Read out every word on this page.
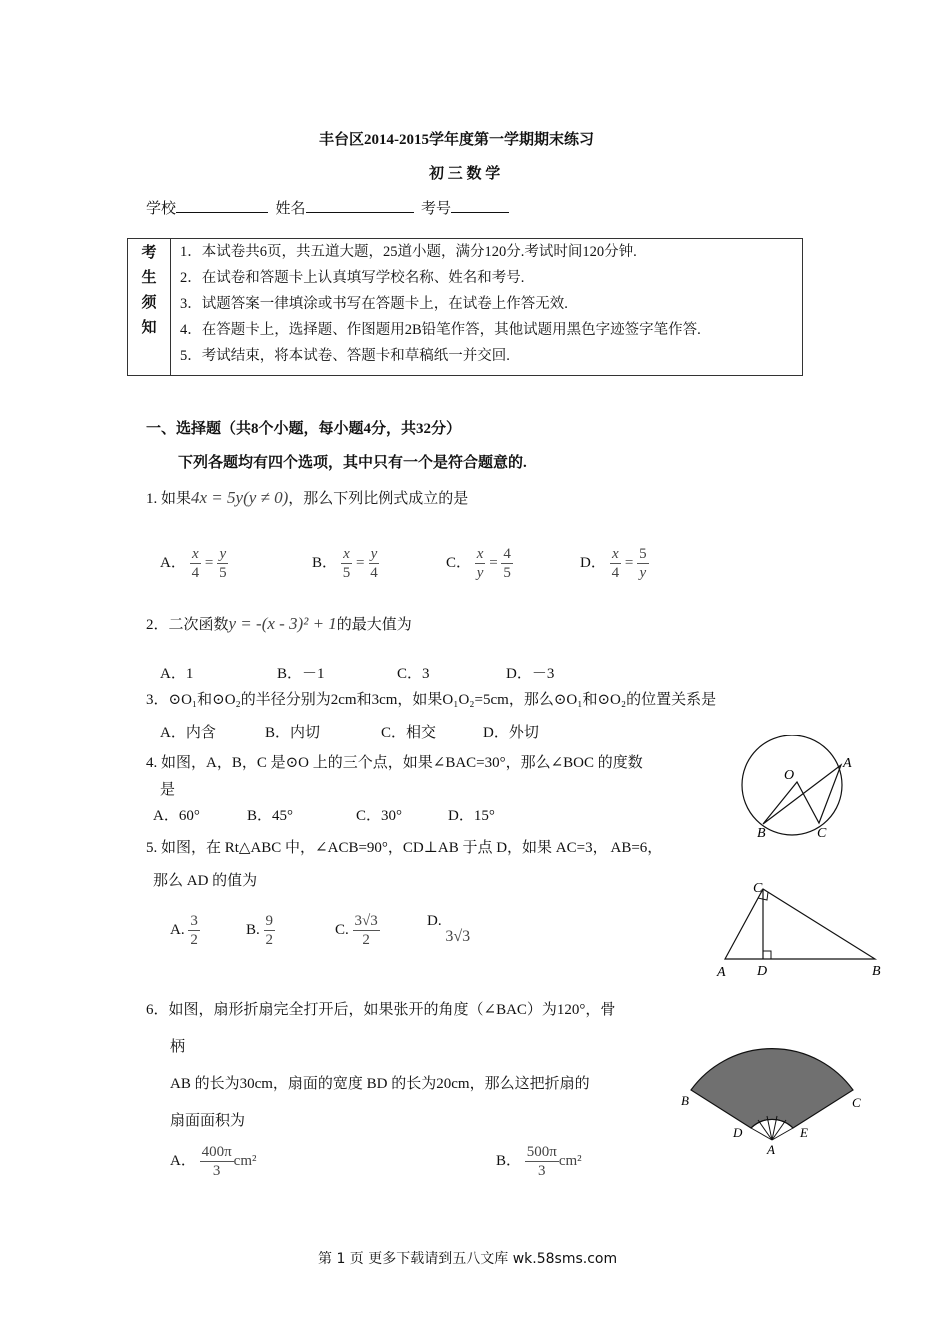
丰台区2014-2015学年度第一学期期末练习
初 三 数 学
学校	姓名	考号
考
生
须
知

1．本试卷共6页，共五道大题，25道小题，满分120分.考试时间120分钟.
2．在试卷和答题卡上认真填写学校名称、姓名和考号.
3．试题答案一律填涂或书写在答题卡上，在试卷上作答无效.
4．在答题卡上，选择题、作图题用2B铅笔作答，其他试题用黑色字迹签字笔作答.
5．考试结束，将本试卷、答题卡和草稿纸一并交回.
一、选择题（共8个小题，每小题4分，共32分）
下列各题均有四个选项，其中只有一个是符合题意的.
1. 如果4x = 5y(y ≠ 0)，那么下列比例式成立的是
A． $\frac{x}{4} = \frac{y}{5}$	B． $\frac{x}{5} = \frac{y}{4}$	C． $\frac{x}{y} = \frac{4}{5}$	D． $\frac{x}{4} = \frac{5}{y}$
2．二次函数y = -(x - 3)² + 1的最大值为
A．1	B．－1	C．3	D．－3
3．⊙O₁和⊙O₂的半径分别为2cm和3cm，如果O₁O₂=5cm，那么⊙O₁和⊙O₂的位置关系是
A．内含	B．内切	C．相交	D．外切
4. 如图，A，B，C 是⊙O 上的三个点，如果∠BAC=30°，那么∠BOC 的度数
是
A．60°	B．45°	C．30°	D．15°
O
A
B	C
5. 如图，在 Rt△ABC 中，∠ACB=90°，CD⊥AB 于点 D，如果 AC=3， AB=6，
那么 AD 的值为
A. $\frac{3}{2}$	B. $\frac{9}{2}$	C. $\frac{3√3}{2}$	D. 3√3
C
A D	B
6．如图，扇形折扇完全打开后，如果张开的角度（∠BAC）为120°，骨
柄
AB 的长为30cm，扇面的宽度 BD 的长为20cm，那么这把折扇的
扇面面积为
A． $\frac{400\pi}{3} cm^2$	B． $\frac{500\pi}{3} cm^2$
B	C
D	E
A
第 1 页 更多下载请到五八文库 wk.58sms.com
